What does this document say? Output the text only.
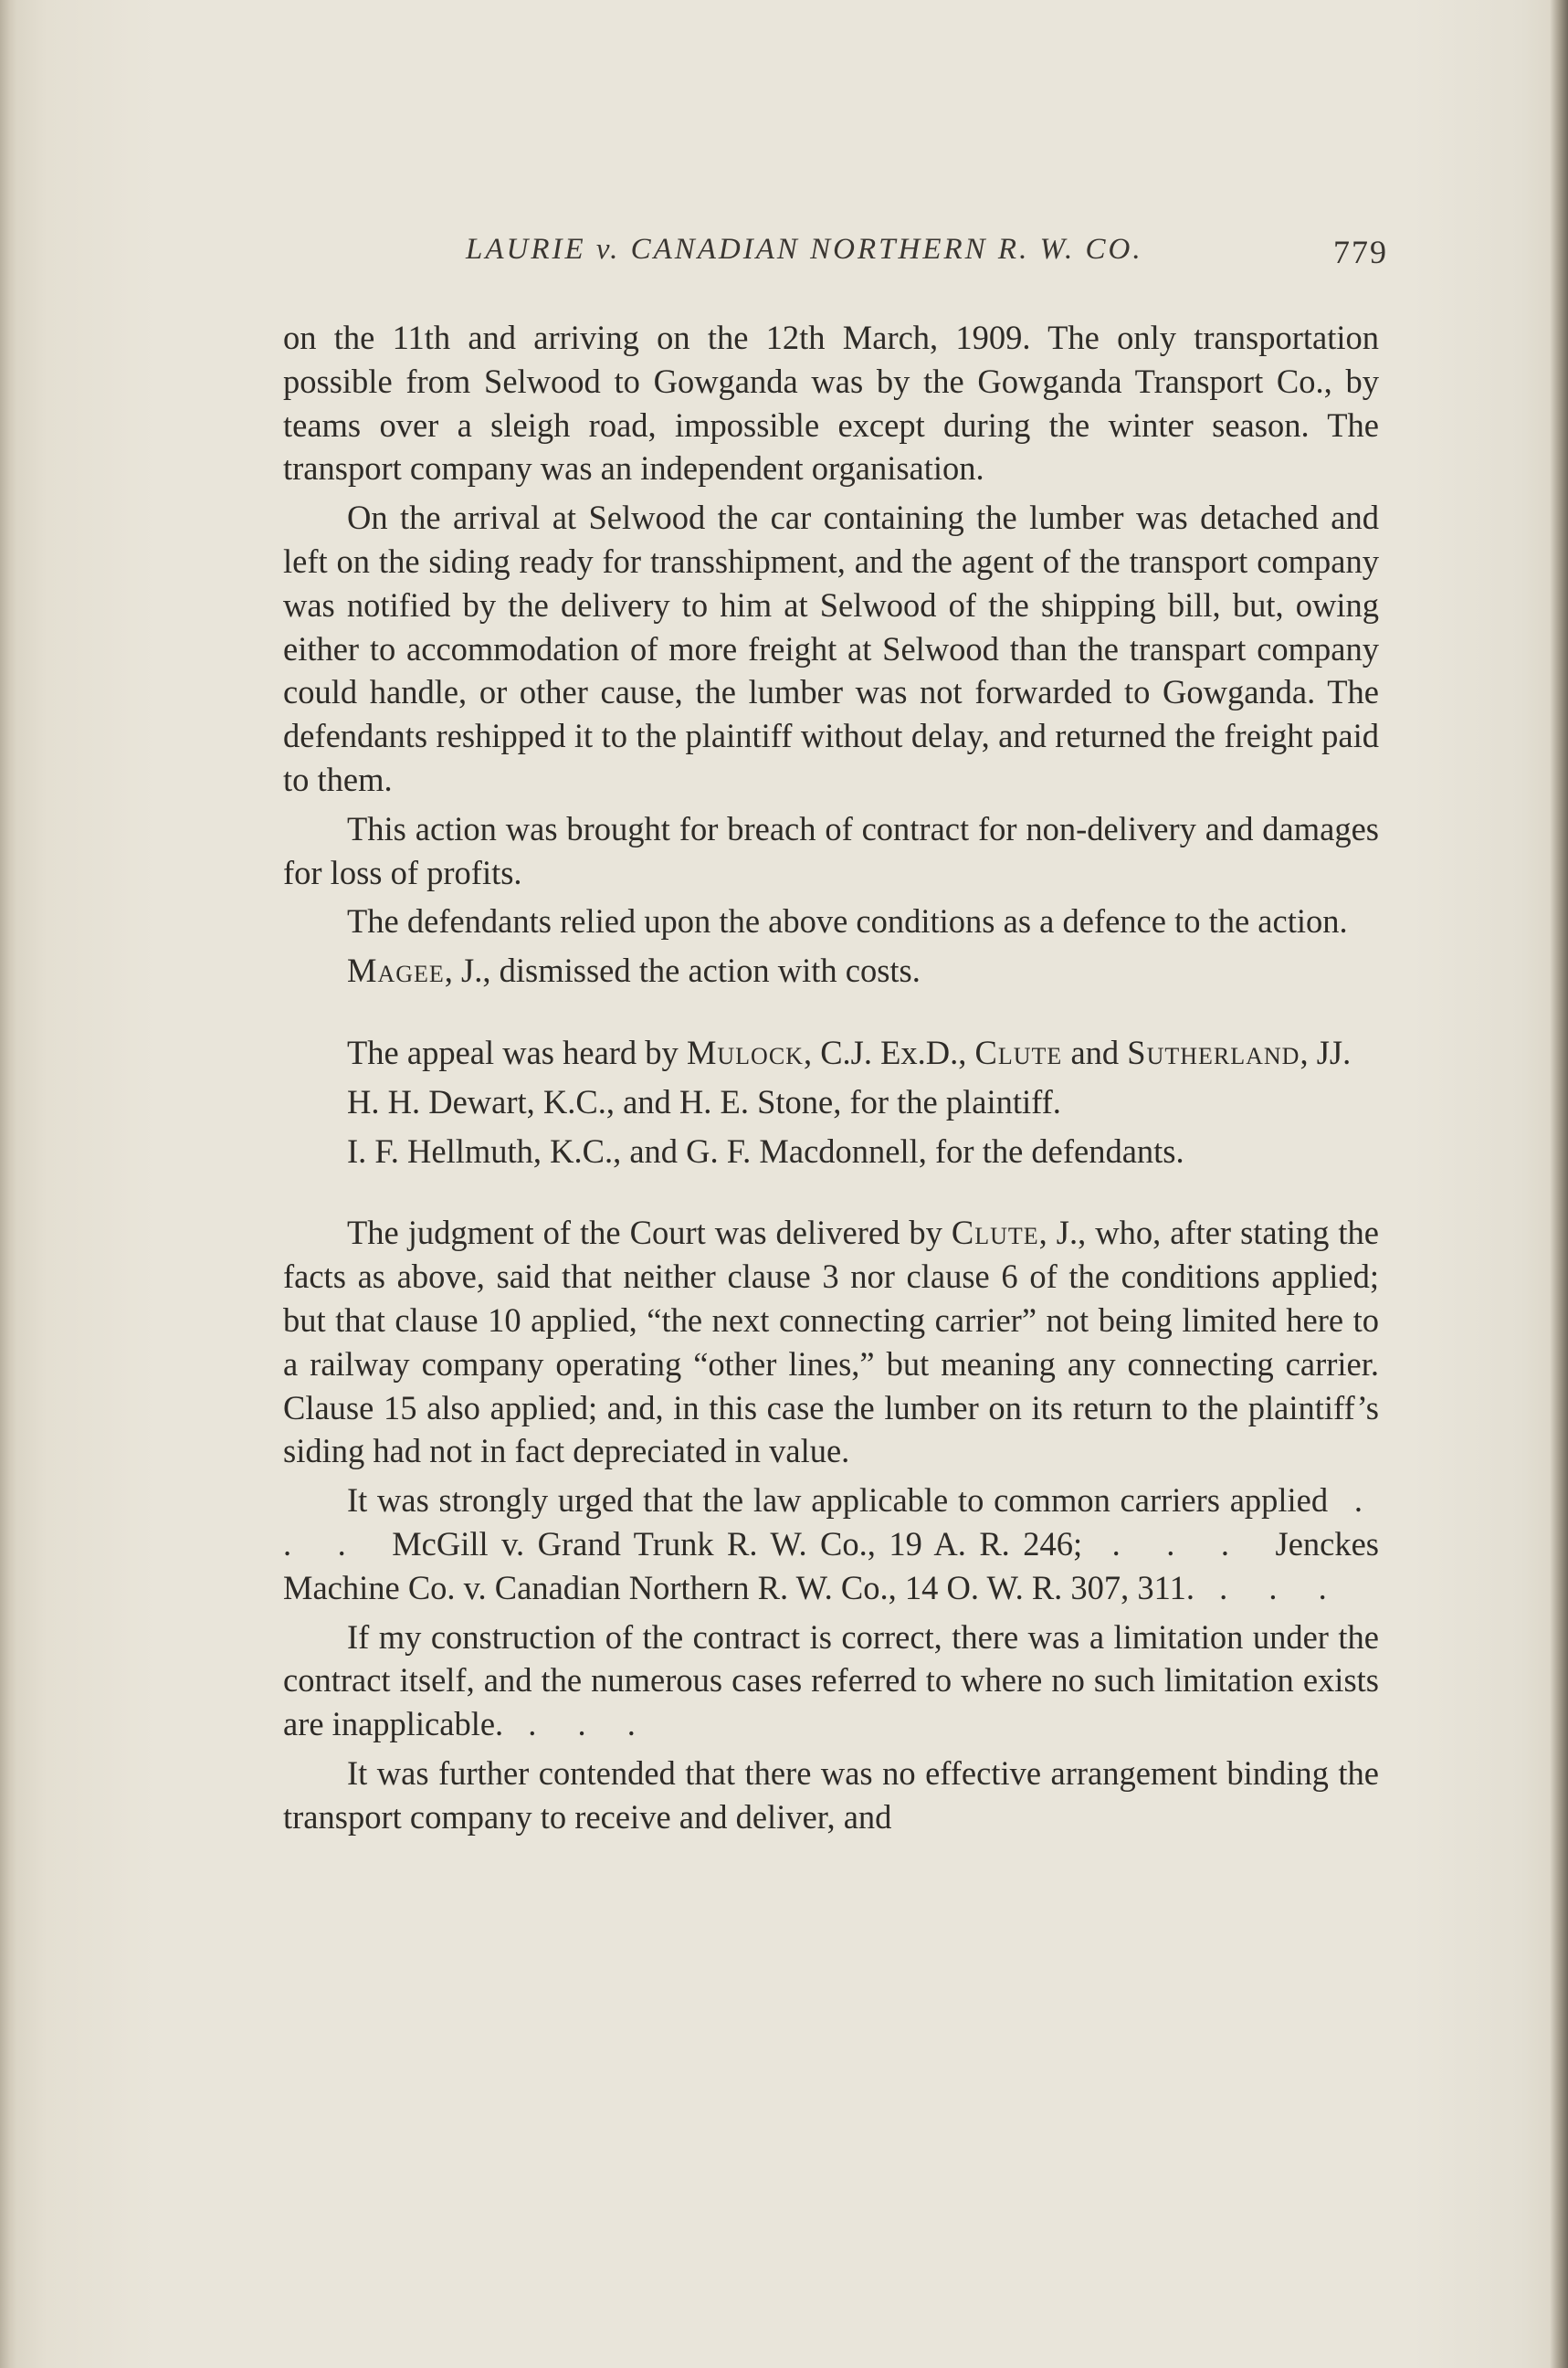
LAURIE v. CANADIAN NORTHERN R. W. CO.	779

on the 11th and arriving on the 12th March, 1909. The only transportation possible from Selwood to Gowganda was by the Gowganda Transport Co., by teams over a sleigh road, impossible except during the winter season. The transport company was an independent organisation.

On the arrival at Selwood the car containing the lumber was detached and left on the siding ready for transshipment, and the agent of the transport company was notified by the delivery to him at Selwood of the shipping bill, but, owing either to accommodation of more freight at Selwood than the transpart company could handle, or other cause, the lumber was not forwarded to Gowganda. The defendants reshipped it to the plaintiff without delay, and returned the freight paid to them.

This action was brought for breach of contract for non-delivery and damages for loss of profits.

The defendants relied upon the above conditions as a defence to the action.

Magee, J., dismissed the action with costs.

The appeal was heard by Mulock, C.J. Ex.D., Clute and Sutherland, JJ.

H. H. Dewart, K.C., and H. E. Stone, for the plaintiff.

I. F. Hellmuth, K.C., and G. F. Macdonnell, for the defendants.

The judgment of the Court was delivered by Clute, J., who, after stating the facts as above, said that neither clause 3 nor clause 6 of the conditions applied; but that clause 10 applied, “the next connecting carrier” not being limited here to a railway company operating “other lines,” but meaning any connecting carrier. Clause 15 also applied; and, in this case the lumber on its return to the plaintiff’s siding had not in fact depreciated in value.

It was strongly urged that the law applicable to common carriers applied . . . McGill v. Grand Trunk R. W. Co., 19 A. R. 246; . . . Jenckes Machine Co. v. Canadian Northern R. W. Co., 14 O. W. R. 307, 311. . . .

If my construction of the contract is correct, there was a limitation under the contract itself, and the numerous cases referred to where no such limitation exists are inapplicable. . . .

It was further contended that there was no effective arrangement binding the transport company to receive and deliver, and
